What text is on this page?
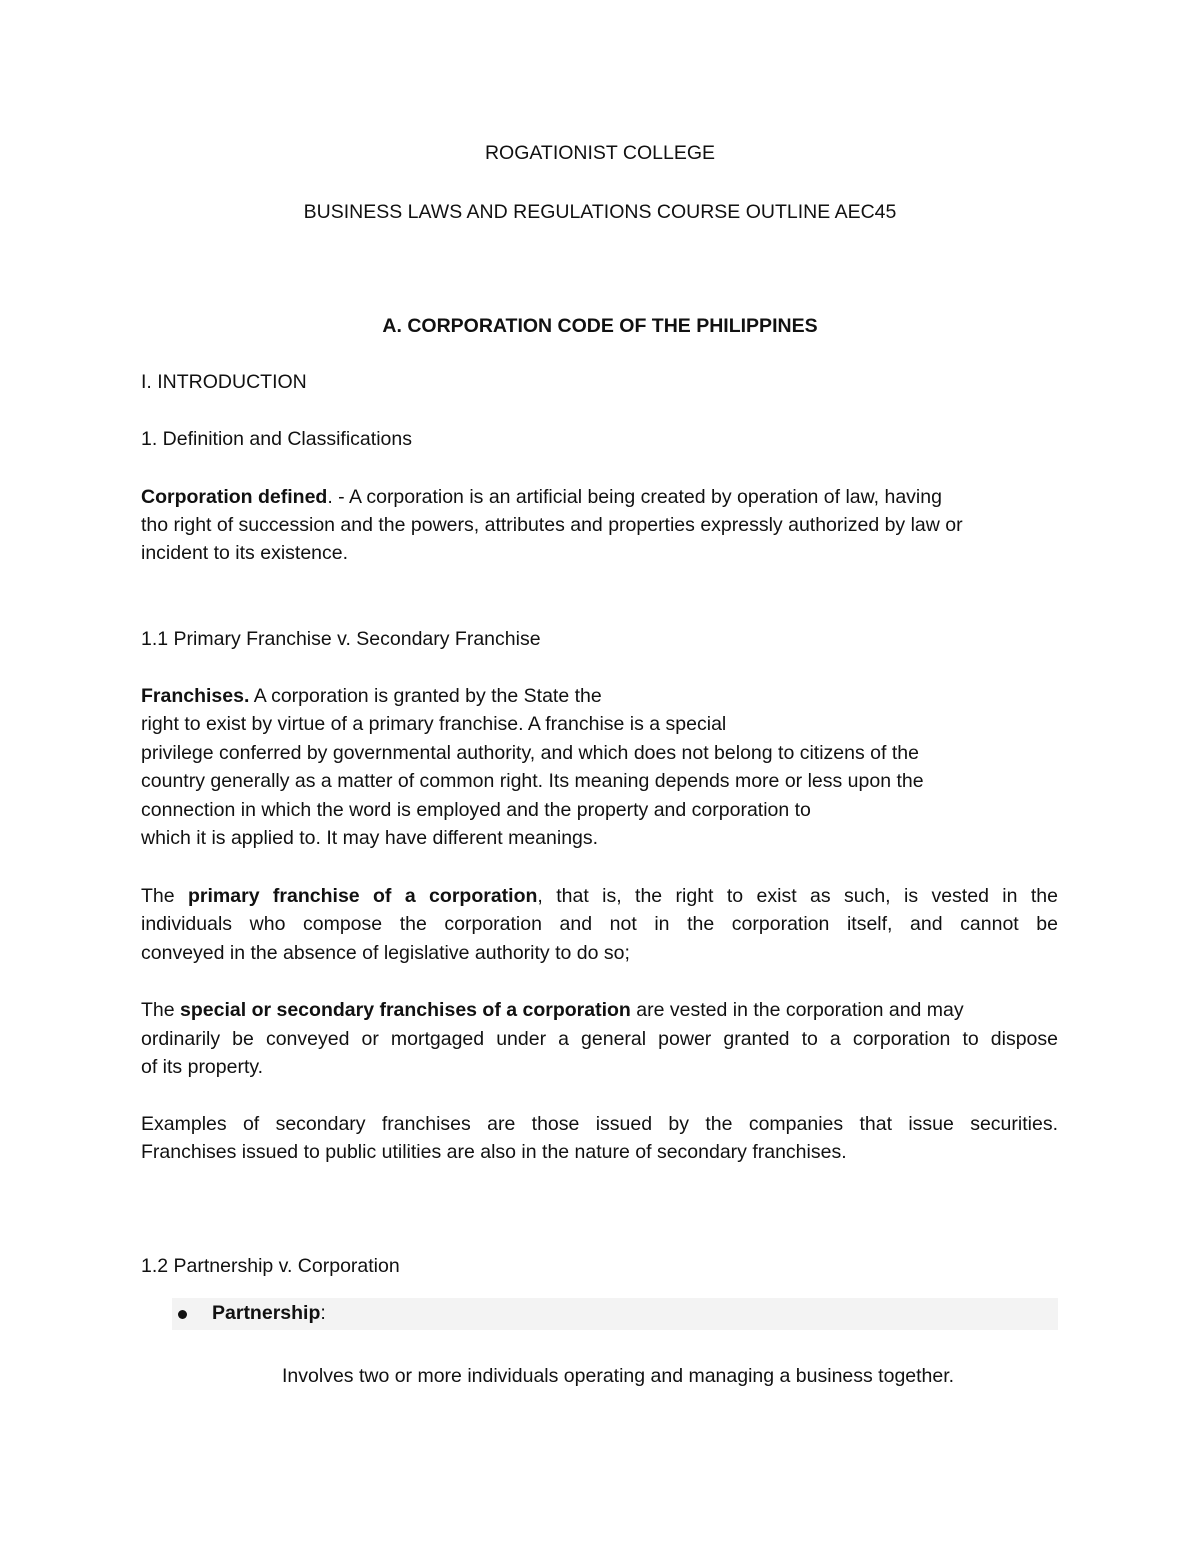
ROGATIONIST COLLEGE
BUSINESS LAWS AND REGULATIONS COURSE OUTLINE AEC45
A. CORPORATION CODE OF THE PHILIPPINES
I. INTRODUCTION
1. Definition and Classifications
Corporation defined. - A corporation is an artificial being created by operation of law, having
tho right of succession and the powers, attributes and properties expressly authorized by law or
incident to its existence.
1.1 Primary Franchise v. Secondary Franchise
Franchises. A corporation is granted by the State the
right to exist by virtue of a primary franchise. A franchise is a special
privilege conferred by governmental authority, and which does not belong to citizens of the
country generally as a matter of common right. Its meaning depends more or less upon the
connection in which the word is employed and the property and corporation to
which it is applied to. It may have different meanings.
The primary franchise of a corporation, that is, the right to exist as such, is vested in the
individuals who compose the corporation and not in the corporation itself, and cannot be
conveyed in the absence of legislative authority to do so;
The special or secondary franchises of a corporation are vested in the corporation and may
ordinarily be conveyed or mortgaged under a general power granted to a corporation to dispose
of its property.
Examples of secondary franchises are those issued by the companies that issue securities.
Franchises issued to public utilities are also in the nature of secondary franchises.
1.2 Partnership v. Corporation
Partnership:
Involves two or more individuals operating and managing a business together.
